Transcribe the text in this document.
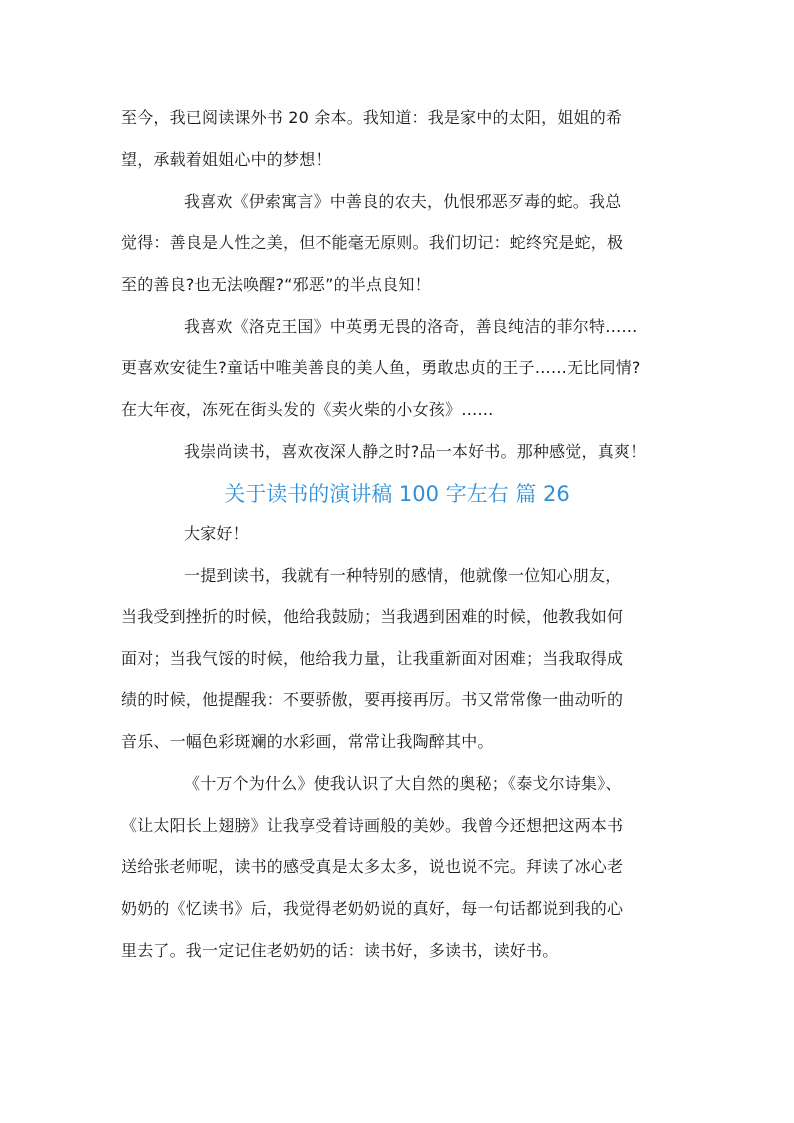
至今，我已阅读课外书 20 余本。我知道：我是家中的太阳，姐姐的希
望，承载着姐姐心中的梦想！
我喜欢《伊索寓言》中善良的农夫，仇恨邪恶歹毒的蛇。我总
觉得：善良是人性之美，但不能毫无原则。我们切记：蛇终究是蛇，极
至的善良?也无法唤醒?“邪恶”的半点良知！
我喜欢《洛克王国》中英勇无畏的洛奇，善良纯洁的菲尔特……
更喜欢安徒生?童话中唯美善良的美人鱼，勇敢忠贞的王子……无比同情?
在大年夜，冻死在街头发的《卖火柴的小女孩》……
我崇尚读书，喜欢夜深人静之时?品一本好书。那种感觉，真爽！
关于读书的演讲稿 100 字左右 篇 26
大家好！
一提到读书，我就有一种特别的感情，他就像一位知心朋友，
当我受到挫折的时候，他给我鼓励；当我遇到困难的时候，他教我如何
面对；当我气馁的时候，他给我力量，让我重新面对困难；当我取得成
绩的时候，他提醒我：不要骄傲，要再接再厉。书又常常像一曲动听的
音乐、一幅色彩斑斓的水彩画，常常让我陶醉其中。
《十万个为什么》使我认识了大自然的奥秘；《泰戈尔诗集》、
《让太阳长上翅膀》让我享受着诗画般的美妙。我曾今还想把这两本书
送给张老师呢，读书的感受真是太多太多，说也说不完。拜读了冰心老
奶奶的《忆读书》后，我觉得老奶奶说的真好，每一句话都说到我的心
里去了。我一定记住老奶奶的话：读书好，多读书，读好书。
